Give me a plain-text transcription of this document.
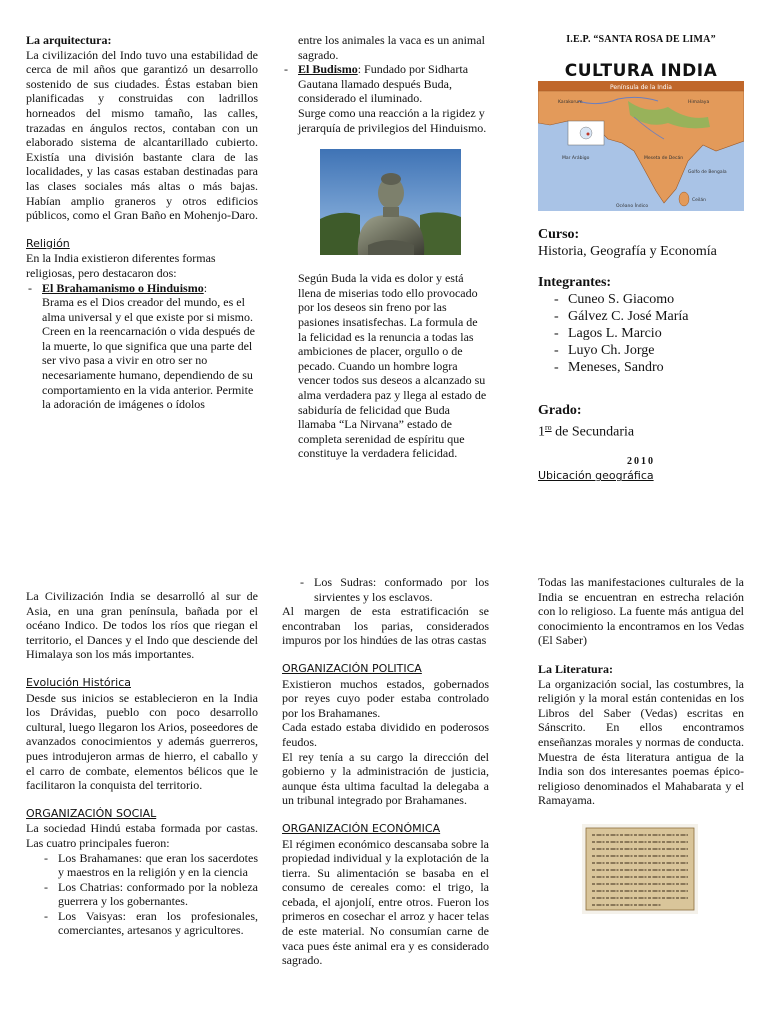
La arquitectura:
La civilización del Indo tuvo una estabilidad de cerca de mil años que garantizó un desarrollo sostenido de sus ciudades. Éstas estaban bien planificadas y construidas con ladrillos horneados del mismo tamaño, las calles, trazadas en ángulos rectos, contaban con un elaborado sistema de alcantarillado cubierto. Existía una división bastante clara de las localidades, y las casas estaban destinadas para las clases sociales más altas o más bajas. Habían amplio graneros y otros edificios públicos, como el Gran Baño en Mohenjo-Daro.
Religión
En la India existieron diferentes formas religiosas, pero destacaron dos:
- El Brahamanismo o Hinduismo:
Brama es el Dios creador del mundo, es el alma universal y el que existe por si mismo. Creen en la reencarnación o vida después de la muerte, lo que significa que una parte del ser vivo pasa a vivir en otro ser no necesariamente humano, dependiendo de su comportamiento en la vida anterior. Permite la adoración de imágenes o ídolos
entre los animales la vaca es un animal sagrado.
- El Budismo: Fundado por Sidharta Gautana llamado después Buda, considerado el iluminado.
Surge como una reacción a la rigidez y jerarquía de privilegios del Hinduismo.
Según Buda la vida es dolor y está llena de miserias todo ello provocado por los deseos sin freno por las pasiones insatisfechas. La formula de la felicidad es la renuncia a todas las ambiciones de placer, orgullo o de pecado. Cuando un hombre logra vencer todos sus deseos a alcanzado su alma verdadera paz y llega al estado de sabiduría de felicidad que Buda llamaba “La Nirvana” estado de completa serenidad de espíritu que constituye la verdadera felicidad.
I.E.P. “SANTA ROSA DE LIMA”
CULTURA INDIA
Península de la India
Karakorum	Himalaya
Mar Arábigo
Golfo de Bengala
Océano Índico
Meseta de Decán
Ceilán
Curso:
Historia, Geografía y Economía
Integrantes:
- Cuneo S. Giacomo
- Gálvez C. José María
- Lagos L. Marcio
- Luyo Ch. Jorge
- Meneses, Sandro
Grado:
$1^{ro}$ de Secundaria
2010
Ubicación geográfica
La Civilización India se desarrolló al sur de Asia, en una gran península, bañada por el océano Indico. De todos los ríos que riegan el territorio, el Dances y el Indo que desciende del Himalaya son los más importantes.
Evolución Histórica
Desde sus inicios se establecieron en la India los Drávidas, pueblo con poco desarrollo cultural, luego llegaron los Arios, poseedores de avanzados conocimientos y además guerreros, pues introdujeron armas de hierro, el caballo y el carro de combate, elementos bélicos que le facilitaron la conquista del territorio.
ORGANIZACIÓN SOCIAL
La sociedad Hindú estaba formada por castas. Las cuatro principales fueron:
- Los Brahamanes: que eran los sacerdotes y maestros en la religión y en la ciencia
- Los Chatrias: conformado por la nobleza guerrera y los gobernantes.
- Los Vaisyas: eran los profesionales, comerciantes, artesanos y agricultores.
- Los Sudras: conformado por los sirvientes y los esclavos.
Al margen de esta estratificación se encontraban los parias, considerados impuros por los hindúes de las otras castas
ORGANIZACIÓN POLITICA
Existieron muchos estados, gobernados por reyes cuyo poder estaba controlado por los Brahamanes.
Cada estado estaba dividido en poderosos feudos.
El rey tenía a su cargo la dirección del gobierno y la administración de justicia, aunque ésta ultima facultad la delegaba a un tribunal integrado por Brahamanes.
ORGANIZACIÓN ECONÓMICA
El régimen económico descansaba sobre la propiedad individual y la explotación de la tierra. Su alimentación se basaba en el consumo de cereales como: el trigo, la cebada, el ajonjolí, entre otros. Fueron los primeros en cosechar el arroz y hacer telas de este material. No consumían carne de vaca pues éste animal era y es considerado sagrado.
Todas las manifestaciones culturales de la India se encuentran en estrecha relación con lo religioso. La fuente más antigua del conocimiento la encontramos en los Vedas (El Saber)
La Literatura:
La organización social, las costumbres, la religión y la moral están contenidas en los Libros del Saber (Vedas) escritas en Sánscrito. En ellos encontramos enseñanzas morales y normas de conducta. Muestra de ésta literatura antigua de la India son dos interesantes poemas épico-religioso denominados el Mahabarata y el Ramayama.
